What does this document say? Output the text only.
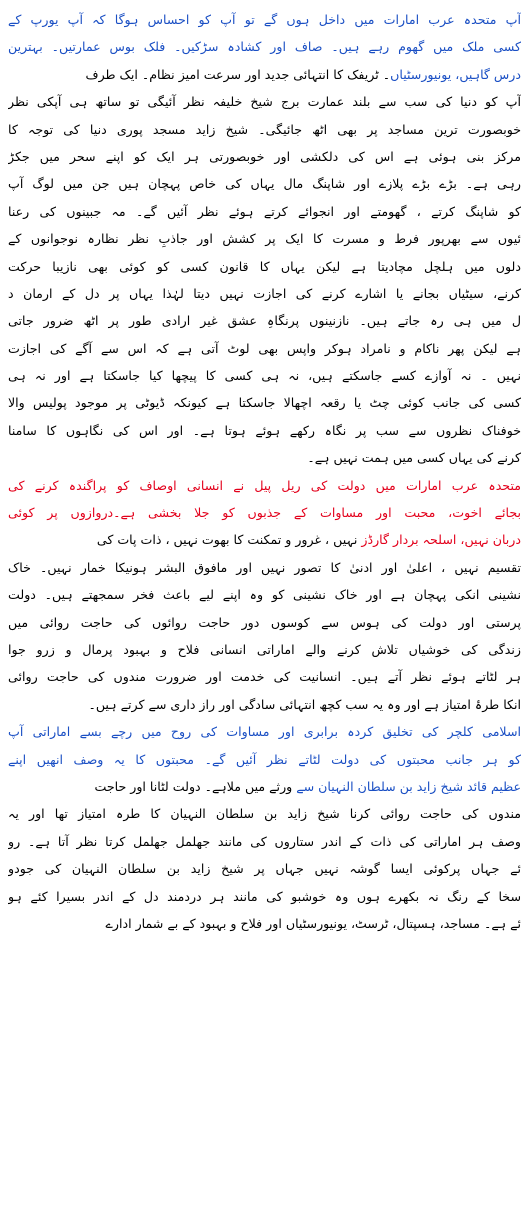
آپ متحدہ عرب امارات میں داخل ہوں گے تو آپ کو احساس ہوگا کہ آپ یورپ کے
کسی ملک میں گھوم رہے ہیں۔ صاف اور کشادہ سڑکیں۔ فلک بوس عمارتیں۔ بہترین
درس گاہیں، یونیورسٹیاں۔ ٹریفک کا انتہائی جدید اور سرعت امیز نظام۔ ایک طرف
آپ کو دنیا کی سب سے بلند عمارت برج شیخ خلیفہ نظر آئیگی تو ساتھ ہی آپکی نظر
خوبصورت ترین مساجد پر بھی اٹھ جائیگی۔ شیخ زاید مسجد پوری دنیا کی توجہ کا
مرکز بنی ہوئی ہے اس کی دلکشی اور خوبصورتی ہر ایک کو اپنے سحر میں جکڑ
رہی ہے۔ بڑے بڑے پلازے اور شاپنگ مال یہاں کی خاص پہچان ہیں جن میں لوگ آپ
کو شاپنگ کرتے ، گھومتے اور انجوائے کرتے ہوئے نظر آئیں گے۔ مہ جبینوں کی رعنا
ئیوں سے بھرپور فرط و مسرت کا ایک پر کشش اور جاذبِ نظر نظارہ نوجوانوں کے
دلوں میں ہلچل مچادیتا ہے لیکن یہاں کا قانون کسی کو کوئی بھی نازیبا حرکت
کرنے، سیٹیاں بجانے یا اشارے کرنے کی اجازت نہیں دیتا لہٰذا یہاں پر دل کے ارمان د
ل میں ہی رہ جاتے ہیں۔ نازنینوں پرنگاہِ عشق غیر ارادی طور پر اٹھ ضرور جاتی
ہے لیکن پھر ناکام و نامراد ہوکر واپس بھی لوٹ آتی ہے کہ اس سے آگے کی اجازت
نہیں ۔ نہ آوازے کسے جاسکتے ہیں، نہ ہی کسی کا پیچھا کیا جاسکتا ہے اور نہ ہی
کسی کی جانب کوئی چٹ یا رقعہ اچھالا جاسکتا ہے کیونکہ ڈیوٹی پر موجود پولیس والا
خوفناک نظروں سے سب پر نگاہ رکھے ہوئے ہوتا ہے۔ اور اس کی نگاہوں کا سامنا
کرنے کی یہاں کسی میں ہمت نہیں ہے۔
متحدہ عرب امارات میں دولت کی ریل پیل نے انسانی اوصاف کو پراگندہ کرنے کی
بجائے اخوت، محبت اور مساوات کے جذبوں کو جلا بخشی ہے۔دروازوں پر کوئی
دربان نہیں، اسلحہ بردار گارڈز نہیں ، غرور و تمکنت کا بھوت نہیں ، ذات پات کی
تقسیم نہیں ، اعلیٰ اور ادنیٰ کا تصور نہیں اور مافوق البشر ہونیکا خمار نہیں۔ خاک
نشینی انکی پہچان ہے اور خاک نشینی کو وہ اپنے لیے باعث فخر سمجھتے ہیں۔ دولت
پرستی اور دولت کی ہوس سے کوسوں دور حاجت روائوں کی حاجت روائی میں
زندگی کی خوشیاں تلاش کرنے والے اماراتی انسانی فلاح و بہبود پرمال و زرو جوا
ہر لٹاتے ہوئے نظر آتے ہیں۔ انسانیت کی خدمت اور ضرورت مندوں کی حاجت روائی
انکا طرۂ امتیاز ہے اور وہ یہ سب کچھ انتہائی سادگی اور راز داری سے کرتے ہیں۔
اسلامی کلچر کی تخلیق کردہ برابری اور مساوات کی روح میں رچے بسے اماراتی آپ
کو ہر جانب محبتوں کی دولت لٹاتے نظر آئیں گے۔ محبتوں کا یہ وصف انھیں اپنے
عظیم قائد شیخ زاید بن سلطان النہیان سے ورثے میں ملاہے۔ دولت لٹانا اور حاجت
مندوں کی حاجت روائی کرنا شیخ زاید بن سلطان النہیان کا طرہ امتیاز تھا اور یہ
وصف ہر اماراتی کی ذات کے اندر ستاروں کی مانند جھلمل جھلمل کرتا نظر آتا ہے۔ رو
ئے جہاں پرکوئی ایسا گوشہ نہیں جہاں پر شیخ زاید بن سلطان النہیان کی جودو
سخا کے رنگ نہ بکھرے ہوں وہ خوشبو کی مانند ہر دردمند دل کے اندر بسیرا کئے ہو
ئے ہے۔ مساجد، ہسپتال، ٹرسٹ، یونیورسٹیاں اور فلاح و بہبود کے بے شمار ادارے
